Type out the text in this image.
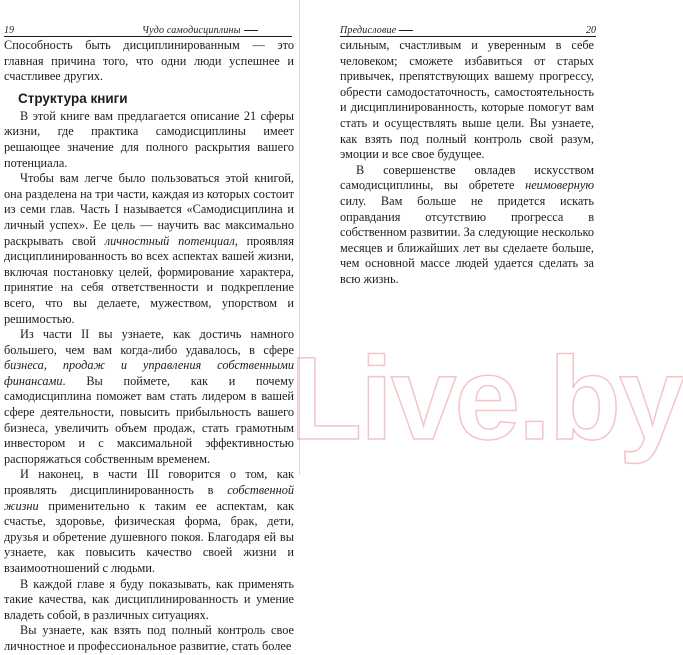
19	Чудо самодисциплины

Способность быть дисциплинированным — это главная причина того, что одни люди успешнее и счастливее других.

Структура книги

В этой книге вам предлагается описание 21 сферы жизни, где практика самодисциплины имеет решающее значение для полного раскрытия вашего потенциала.

Чтобы вам легче было пользоваться этой книгой, она разделена на три части, каждая из которых состоит из семи глав. Часть I называется «Самодисциплина и личный успех». Ее цель — научить вас максимально раскрывать свой личностный потенциал, проявляя дисциплинированность во всех аспектах вашей жизни, включая постановку целей, формирование характера, принятие на себя ответственности и подкрепление всего, что вы делаете, мужеством, упорством и решимостью.

Из части II вы узнаете, как достичь намного большего, чем вам когда-либо удавалось, в сфере бизнеса, продаж и управления собственными финансами. Вы поймете, как и почему самодисциплина поможет вам стать лидером в вашей сфере деятельности, повысить прибыльность вашего бизнеса, увеличить объем продаж, стать грамотным инвестором и с максимальной эффективностью распоряжаться собственным временем.

И наконец, в части III говорится о том, как проявлять дисциплинированность в собственной жизни применительно к таким ее аспектам, как счастье, здоровье, физическая форма, брак, дети, друзья и обретение душевного покоя. Благодаря ей вы узнаете, как повысить качество своей жизни и взаимоотношений с людьми.

В каждой главе я буду показывать, как применять такие качества, как дисциплинированность и умение владеть собой, в различных ситуациях.

Вы узнаете, как взять под полный контроль свое личностное и профессиональное развитие, стать более

Предисловие	20

сильным, счастливым и уверенным в себе человеком; сможете избавиться от старых привычек, препятствующих вашему прогрессу, обрести самодостаточность, самостоятельность и дисциплинированность, которые помогут вам стать и осуществлять выше цели. Вы узнаете, как взять под полный контроль свой разум, эмоции и все свое будущее.

В совершенстве овладев искусством самодисциплины, вы обретете неимоверную силу. Вам больше не придется искать оправдания отсутствию прогресса в собственном развитии. За следующие несколько месяцев и ближайших лет вы сделаете больше, чем основной массе людей удается сделать за всю жизнь.

Live.by
